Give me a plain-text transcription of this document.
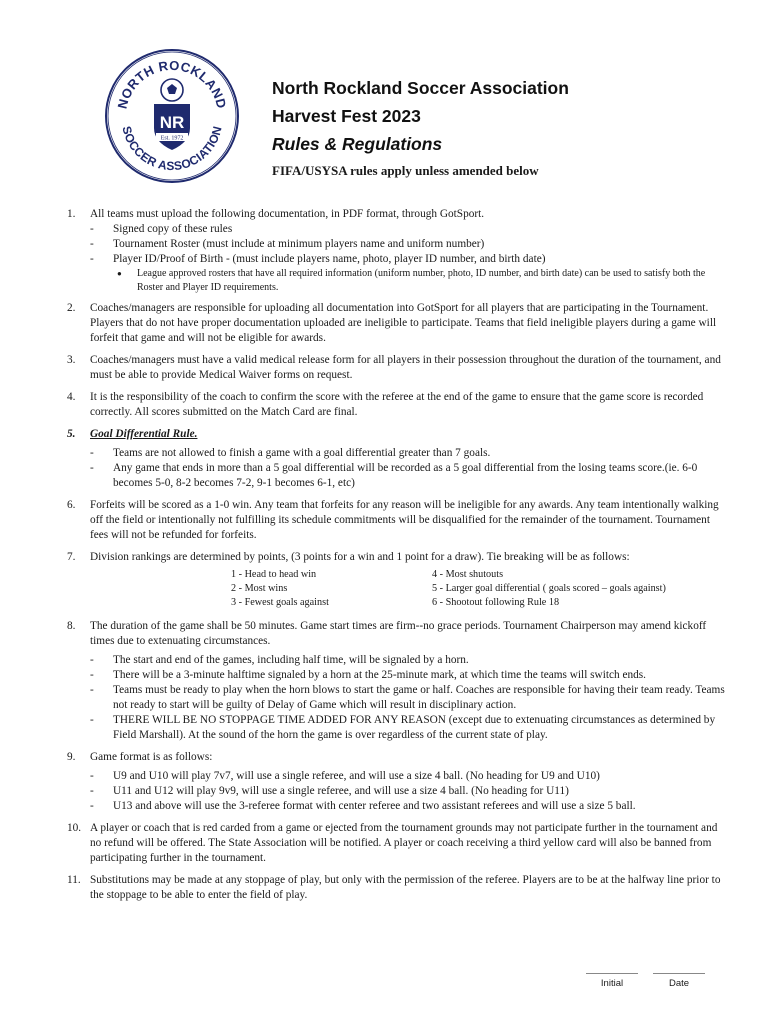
NORTH ROCKLAND
SOCCER ASSOCIATION
NR
Est. 1972
North Rockland Soccer Association
Harvest Fest 2023
Rules & Regulations
FIFA/USYSA rules apply unless amended below
1. All teams must upload the following documentation, in PDF format, through GotSport.
- Signed copy of these rules
- Tournament Roster (must include at minimum players name and uniform number)
- Player ID/Proof of Birth - (must include players name, photo, player ID number, and birth date)
● League approved rosters that have all required information (uniform number, photo, ID number, and birth date) can be used to satisfy both the Roster and Player ID requirements.
2. Coaches/managers are responsible for uploading all documentation into GotSport for all players that are participating in the Tournament. Players that do not have proper documentation uploaded are ineligible to participate. Teams that field ineligible players during a game will forfeit that game and will not be eligible for awards.
3. Coaches/managers must have a valid medical release form for all players in their possession throughout the duration of the tournament, and must be able to provide Medical Waiver forms on request.
4. It is the responsibility of the coach to confirm the score with the referee at the end of the game to ensure that the game score is recorded correctly. All scores submitted on the Match Card are final.
5. Goal Differential Rule.
- Teams are not allowed to finish a game with a goal differential greater than 7 goals.
- Any game that ends in more than a 5 goal differential will be recorded as a 5 goal differential from the losing teams score.(ie. 6-0 becomes 5-0, 8-2 becomes 7-2, 9-1 becomes 6-1, etc)
6. Forfeits will be scored as a 1-0 win. Any team that forfeits for any reason will be ineligible for any awards. Any team intentionally walking off the field or intentionally not fulfilling its schedule commitments will be disqualified for the remainder of the tournament. Tournament fees will not be refunded for forfeits.
7. Division rankings are determined by points, (3 points for a win and 1 point for a draw). Tie breaking will be as follows:
1 - Head to head win
2 - Most wins
3 - Fewest goals against
4 - Most shutouts
5 - Larger goal differential ( goals scored – goals against)
6 - Shootout following Rule 18
8. The duration of the game shall be 50 minutes. Game start times are firm--no grace periods. Tournament Chairperson may amend kickoff times due to extenuating circumstances.
- The start and end of the games, including half time, will be signaled by a horn.
- There will be a 3-minute halftime signaled by a horn at the 25-minute mark, at which time the teams will switch ends.
- Teams must be ready to play when the horn blows to start the game or half. Coaches are responsible for having their team ready. Teams not ready to start will be guilty of Delay of Game which will result in disciplinary action.
- THERE WILL BE NO STOPPAGE TIME ADDED FOR ANY REASON (except due to extenuating circumstances as determined by Field Marshall). At the sound of the horn the game is over regardless of the current state of play.
9. Game format is as follows:
- U9 and U10 will play 7v7, will use a single referee, and will use a size 4 ball. (No heading for U9 and U10)
- U11 and U12 will play 9v9, will use a single referee, and will use a size 4 ball. (No heading for U11)
- U13 and above will use the 3-referee format with center referee and two assistant referees and will use a size 5 ball.
10. A player or coach that is red carded from a game or ejected from the tournament grounds may not participate further in the tournament and no refund will be offered. The State Association will be notified. A player or coach receiving a third yellow card will also be banned from participating further in the tournament.
11. Substitutions may be made at any stoppage of play, but only with the permission of the referee. Players are to be at the halfway line prior to the stoppage to be able to enter the field of play.
Initial	Date
